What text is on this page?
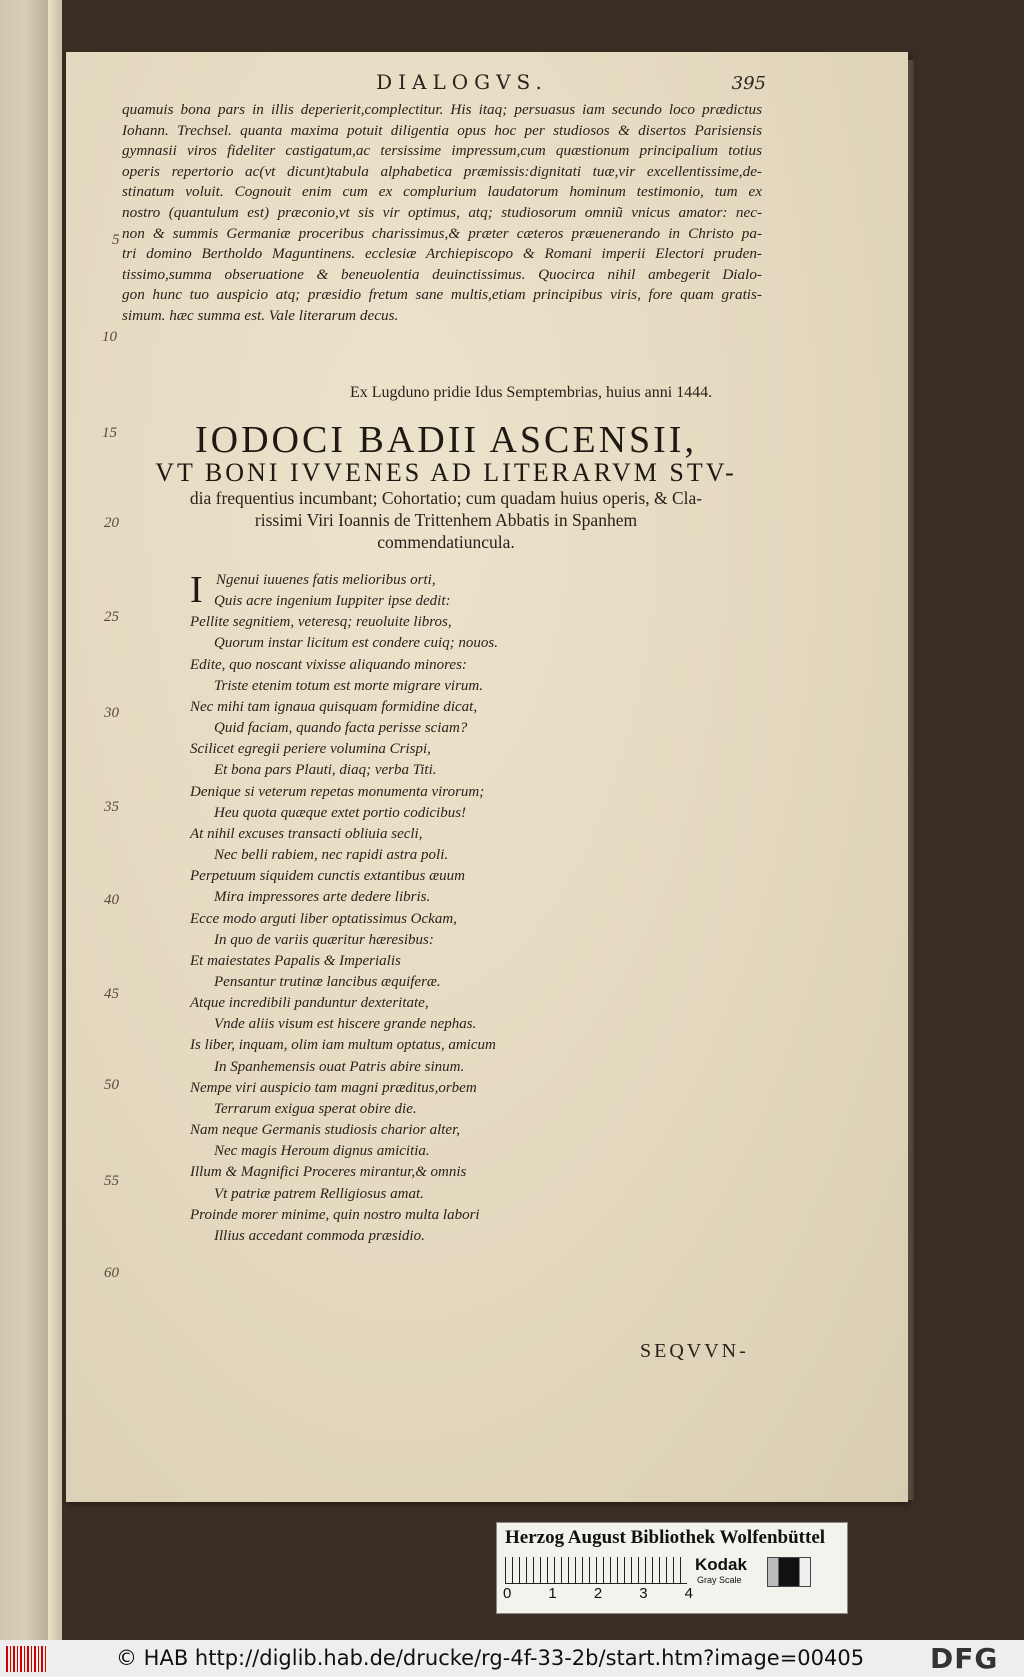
DIALOGVS.	395
quamuis bona pars in illis deperierit,complectitur. His itaq; persuasus iam secundo loco prædictus
Iohann. Trechsel. quanta maxima potuit diligentia opus hoc per studiosos & disertos Parisiensis
gymnasii viros fideliter castigatum,ac tersissime impressum,cum quæstionum principalium totius
operis repertorio ac(vt dicunt)tabula alphabetica præmissis:dignitati tuæ,vir excellentissime,de-
stinatum voluit. Cognouit enim cum ex complurium laudatorum hominum testimonio, tum ex
nostro (quantulum est) præconio,vt sis vir optimus, atq; studiosorum omniũ vnicus amator: nec-
non & summis Germaniæ proceribus charissimus,& præter cæteros præuenerando in Christo pa-
tri domino Bertholdo Maguntinens. ecclesiæ Archiepiscopo & Romani imperii Electori pruden-
tissimo,summa obseruatione & beneuolentia deuinctissimus. Quocirca nihil ambegerit Dialo-
gon hunc tuo auspicio atq; præsidio fretum sane multis,etiam principibus viris, fore quam gratis-
simum. hæc summa est. Vale literarum decus.
Ex Lugduno pridie Idus Semptembrias, huius anni 1444.
5
10
15
20
25
30
35
40
45
50
55
60
IODOCI BADII ASCENSII,
VT BONI IVVENES AD LITERARVM STV-
dia frequentius incumbant; Cohortatio; cum quadam huius operis, & Cla-
rissimi Viri Ioannis de Trittenhem Abbatis in Spanhem
commendatiuncula.
I Ngenui iuuenes fatis melioribus orti,
Quis acre ingenium Iuppiter ipse dedit:
Pellite segnitiem, veteresq; reuoluite libros,
Quorum instar licitum est condere cuiq; nouos.
Edite, quo noscant vixisse aliquando minores:
Triste etenim totum est morte migrare virum.
Nec mihi tam ignaua quisquam formidine dicat,
Quid faciam, quando facta perisse sciam?
Scilicet egregii periere volumina Crispi,
Et bona pars Plauti, diaq; verba Titi.
Denique si veterum repetas monumenta virorum;
Heu quota quæque extet portio codicibus!
At nihil excuses transacti obliuia secli,
Nec belli rabiem, nec rapidi astra poli.
Perpetuum siquidem cunctis extantibus æuum
Mira impressores arte dedere libris.
Ecce modo arguti liber optatissimus Ockam,
In quo de variis quæritur hæresibus:
Et maiestates Papalis & Imperialis
Pensantur trutinæ lancibus æquiferæ.
Atque incredibili panduntur dexteritate,
Vnde aliis visum est hiscere grande nephas.
Is liber, inquam, olim iam multum optatus, amicum
In Spanhemensis ouat Patris abire sinum.
Nempe viri auspicio tam magni præditus,orbem
Terrarum exigua sperat obire die.
Nam neque Germanis studiosis charior alter,
Nec magis Heroum dignus amicitia.
Illum & Magnifici Proceres mirantur,& omnis
Vt patriæ patrem Relligiosus amat.
Proinde morer minime, quin nostro multa labori
Illius accedant commoda præsidio.
SEQVVN-
Herzog August Bibliothek Wolfenbüttel
0 1 2 3 4
Kodak
Gray Scale
© HAB http://diglib.hab.de/drucke/rg-4f-33-2b/start.htm?image=00405 DFG
